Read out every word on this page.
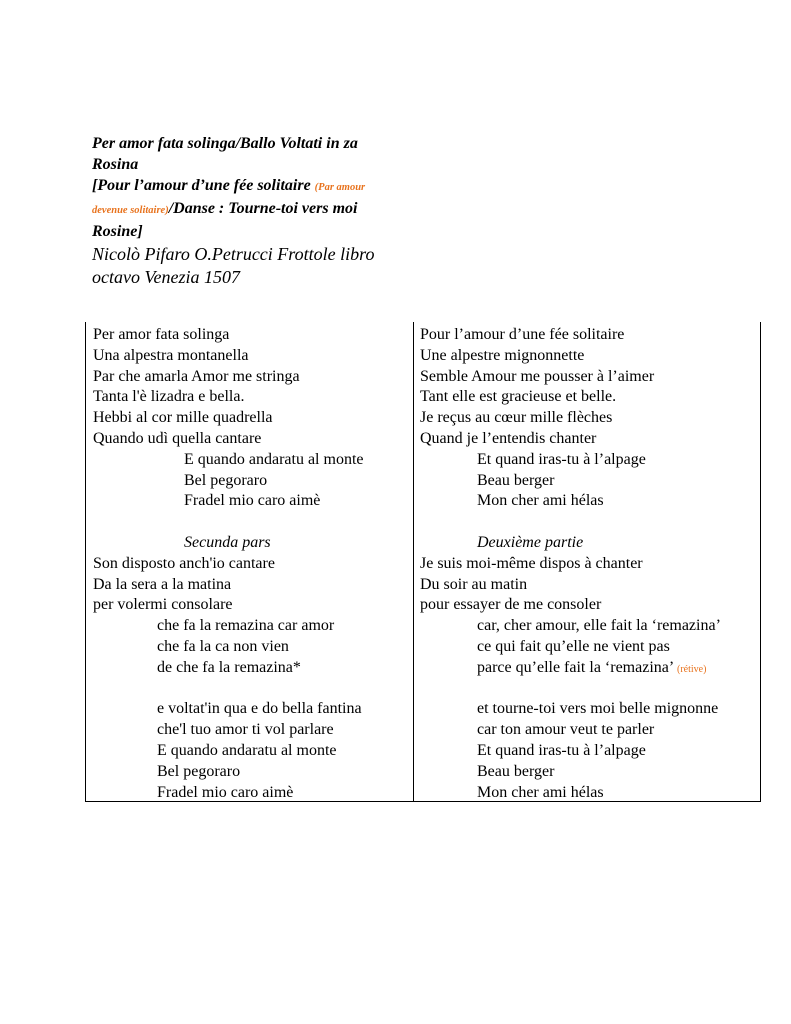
Per amor fata solinga/Ballo Voltati in za

Rosina

[Pour l’amour d’une fée solitaire (Par amour

devenue solitaire)/Danse : Tourne-toi vers moi

Rosine]

Nicolò Pifaro O.Petrucci Frottole libro
octavo Venezia 1507
Per amor fata solinga
Una alpestra montanella
Par che amarla Amor me stringa
Tanta l'è lizadra e bella.
Hebbi al cor mille quadrella
Quando udì quella cantare
E quando andaratu al monte
Bel pegoraro
Fradel mio caro aimè
Secunda pars
Son disposto anch'io cantare
Da la sera a la matina
per volermi consolare
che fa la remazina car amor
che fa la ca non vien
de che fa la remazina*
e voltat'in qua e do bella fantina
che'l tuo amor ti vol parlare
E quando andaratu al monte
Bel pegoraro
Fradel mio caro aimè
Pour l’amour d’une fée solitaire
Une alpestre mignonnette
Semble Amour me pousser à l’aimer
Tant elle est gracieuse et belle.
Je reçus au cœur mille flèches
Quand je l’entendis chanter
Et quand iras-tu à l’alpage
Beau berger
Mon cher ami hélas
Deuxième partie
Je suis moi-même dispos à chanter
Du soir au matin
pour essayer de me consoler
car, cher amour, elle fait la ‘remazina’
ce qui fait qu’elle ne vient pas
parce qu’elle fait la ‘remazina’ (rétive)
et tourne-toi vers moi belle mignonne
car ton amour veut te parler
Et quand iras-tu à l’alpage
Beau berger
Mon cher ami hélas
